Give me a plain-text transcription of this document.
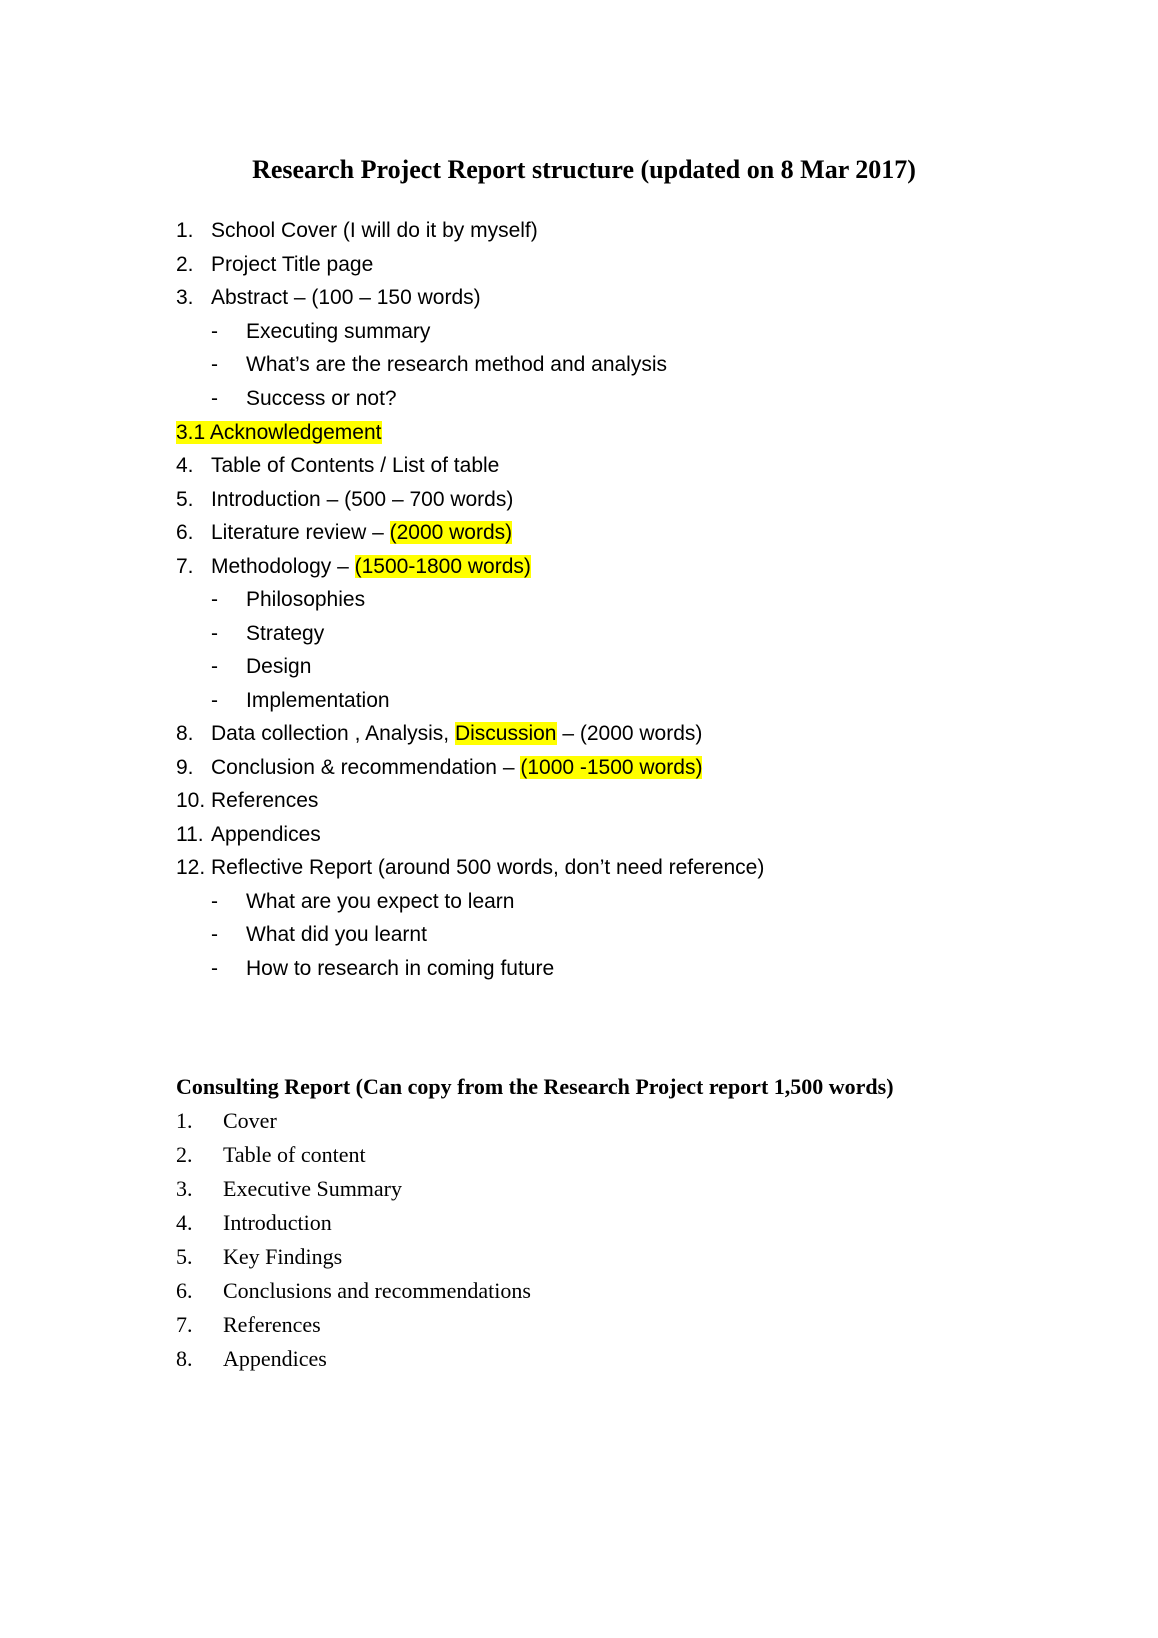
Research Project Report structure (updated on 8 Mar 2017)
1. School Cover (I will do it by myself)
2. Project Title page
3. Abstract – (100 – 150 words)
- Executing summary
- What’s are the research method and analysis
- Success or not?
3.1 Acknowledgement
4. Table of Contents / List of table
5. Introduction – (500 – 700 words)
6. Literature review – (2000 words)
7. Methodology – (1500-1800 words)
- Philosophies
- Strategy
- Design
- Implementation
8. Data collection , Analysis, Discussion – (2000 words)
9. Conclusion & recommendation – (1000 -1500 words)
10. References
11. Appendices
12. Reflective Report (around 500 words, don’t need reference)
- What are you expect to learn
- What did you learnt
- How to research in coming future
Consulting Report (Can copy from the Research Project report 1,500 words)
1. Cover
2. Table of content
3. Executive Summary
4. Introduction
5. Key Findings
6. Conclusions and recommendations
7. References
8. Appendices
